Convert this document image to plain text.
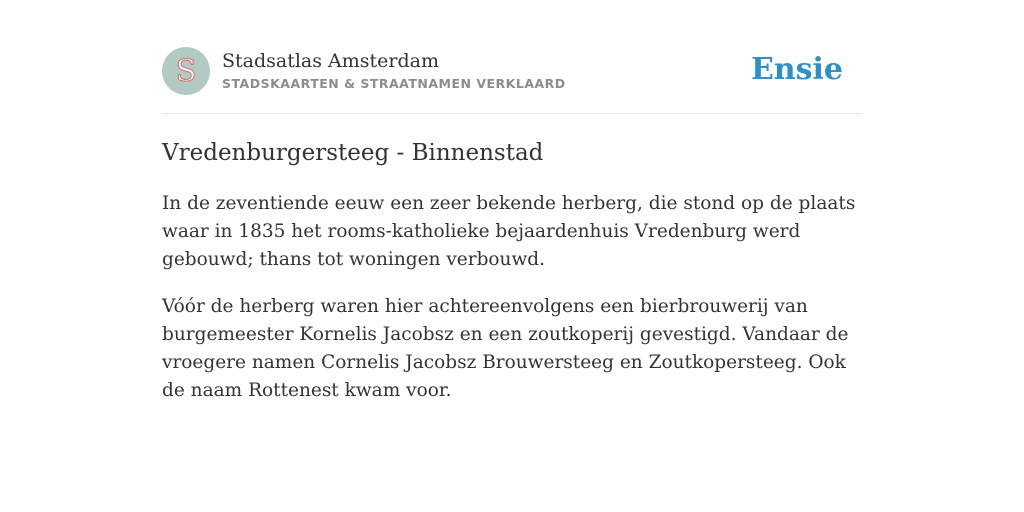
S Stadsatlas Amsterdam
STADSKAARTEN & STRAATNAMEN VERKLAARD	Ensie
Vredenburgersteeg - Binnenstad

In de zeventiende eeuw een zeer bekende herberg, die stond op de plaats waar in 1835 het rooms-katholieke bejaardenhuis Vredenburg werd gebouwd; thans tot woningen verbouwd.

Vóór de herberg waren hier achtereenvolgens een bierbrouwerij van burgemeester Kornelis Jacobsz en een zoutkoperij gevestigd. Vandaar de vroegere namen Cornelis Jacobsz Brouwersteeg en Zoutkopersteeg. Ook de naam Rottenest kwam voor.
